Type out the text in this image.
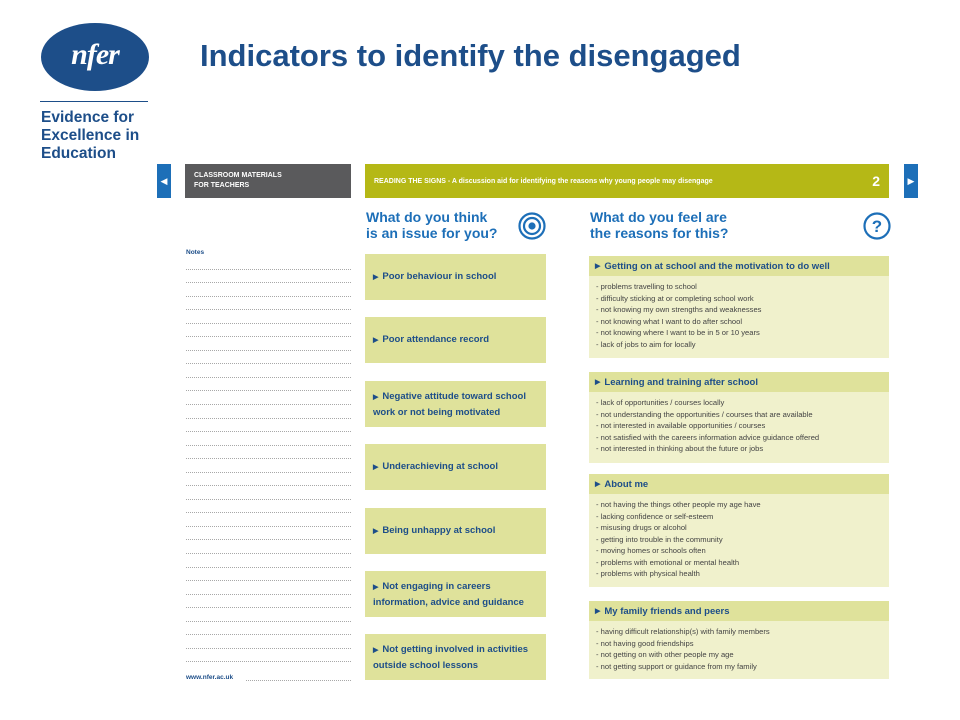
nfer
Evidence for
Excellence in
Education
Indicators to identify the disengaged
◀	▶
CLASSROOM MATERIALS
FOR TEACHERS
Notes
www.nfer.ac.uk
READING THE SIGNS - A discussion aid for identifying the reasons why young people may disengage	2
What do you think
is an issue for you?
What do you feel are
the reasons for this?	?
▶ Poor behaviour in school

▶ Poor attendance record

▶ Negative attitude toward school
work or not being motivated
▶ Underachieving at school

▶ Being unhappy at school

▶ Not engaging in careers
information, advice and guidance
▶ Not getting involved in activities
outside school lessons
▶ Getting on at school and the motivation to do well
- problems travelling to school
- difficulty sticking at or completing school work
- not knowing my own strengths and weaknesses
- not knowing what I want to do after school
- not knowing where I want to be in 5 or 10 years
- lack of jobs to aim for locally
▶ Learning and training after school
- lack of opportunities / courses locally
- not understanding the opportunities / courses that are available
- not interested in available opportunities / courses
- not satisfied with the careers information advice guidance offered
- not interested in thinking about the future or jobs
▶ About me
- not having the things other people my age have
- lacking confidence or self-esteem
- misusing drugs or alcohol
- getting into trouble in the community
- moving homes or schools often
- problems with emotional or mental health
- problems with physical health
▶ My family friends and peers
- having difficult relationship(s) with family members
- not having good friendships
- not getting on with other people my age
- not getting support or guidance from my family
